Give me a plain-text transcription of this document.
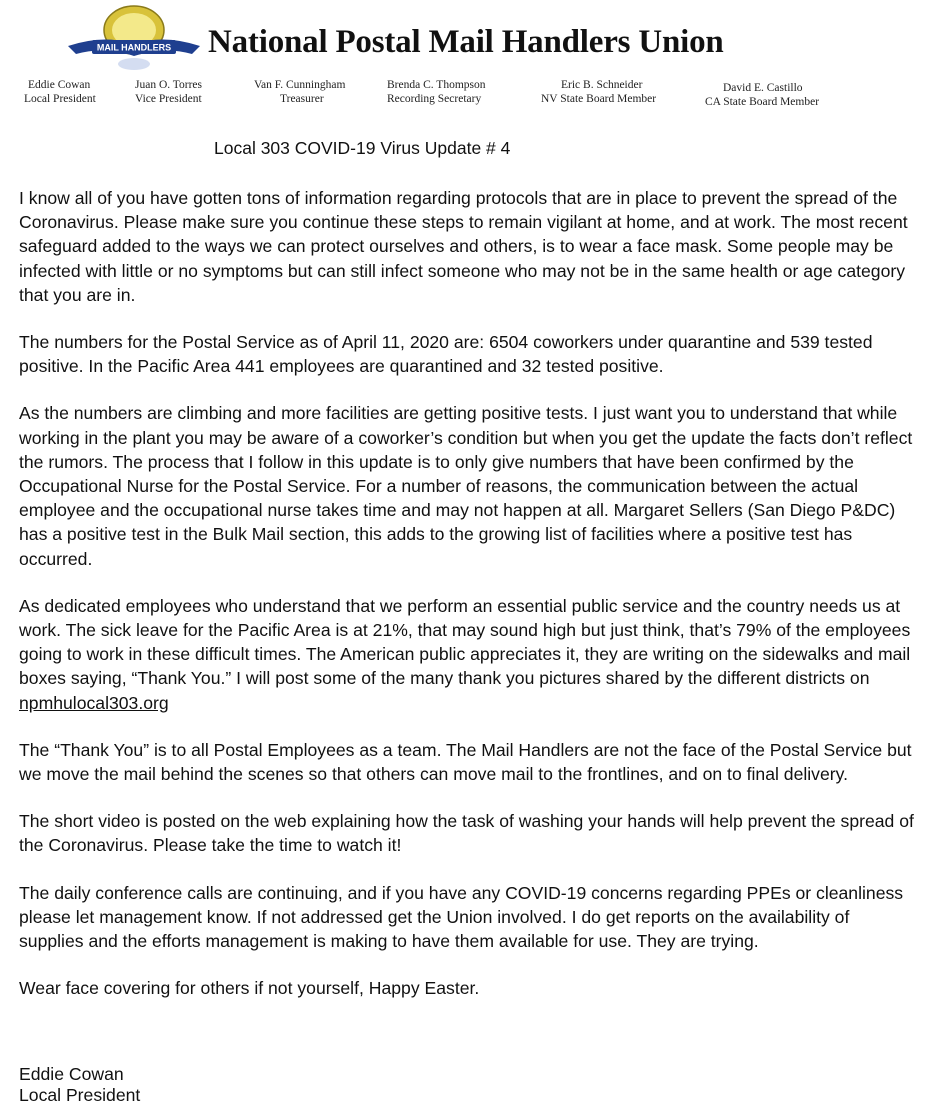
MAIL HANDLERS National Postal Mail Handlers Union
Eddie Cowan
Local President
Juan O. Torres
Vice President
Van F. Cunningham
Treasurer
Brenda C. Thompson
Recording Secretary
Eric B. Schneider
NV State Board Member
David E. Castillo
CA State Board Member
Local 303 COVID-19 Virus Update # 4

I know all of you have gotten tons of information regarding protocols that are in place to prevent the spread of the Coronavirus. Please make sure you continue these steps to remain vigilant at home, and at work. The most recent safeguard added to the ways we can protect ourselves and others, is to wear a face mask. Some people may be infected with little or no symptoms but can still infect someone who may not be in the same health or age category that you are in.

The numbers for the Postal Service as of April 11, 2020 are: 6504 coworkers under quarantine and 539 tested positive. In the Pacific Area 441 employees are quarantined and 32 tested positive.

As the numbers are climbing and more facilities are getting positive tests. I just want you to understand that while working in the plant you may be aware of a coworker’s condition but when you get the update the facts don’t reflect the rumors. The process that I follow in this update is to only give numbers that have been confirmed by the Occupational Nurse for the Postal Service. For a number of reasons, the communication between the actual employee and the occupational nurse takes time and may not happen at all. Margaret Sellers (San Diego P&DC) has a positive test in the Bulk Mail section, this adds to the growing list of facilities where a positive test has occurred.

As dedicated employees who understand that we perform an essential public service and the country needs us at work. The sick leave for the Pacific Area is at 21%, that may sound high but just think, that’s 79% of the employees going to work in these difficult times. The American public appreciates it, they are writing on the sidewalks and mail boxes saying, “Thank You.” I will post some of the many thank you pictures shared by the different districts on npmhulocal303.org

The “Thank You” is to all Postal Employees as a team. The Mail Handlers are not the face of the Postal Service but we move the mail behind the scenes so that others can move mail to the frontlines, and on to final delivery.

The short video is posted on the web explaining how the task of washing your hands will help prevent the spread of the Coronavirus. Please take the time to watch it!

The daily conference calls are continuing, and if you have any COVID-19 concerns regarding PPEs or cleanliness please let management know. If not addressed get the Union involved. I do get reports on the availability of supplies and the efforts management is making to have them available for use. They are trying.

Wear face covering for others if not yourself, Happy Easter.

Eddie Cowan
Local President
